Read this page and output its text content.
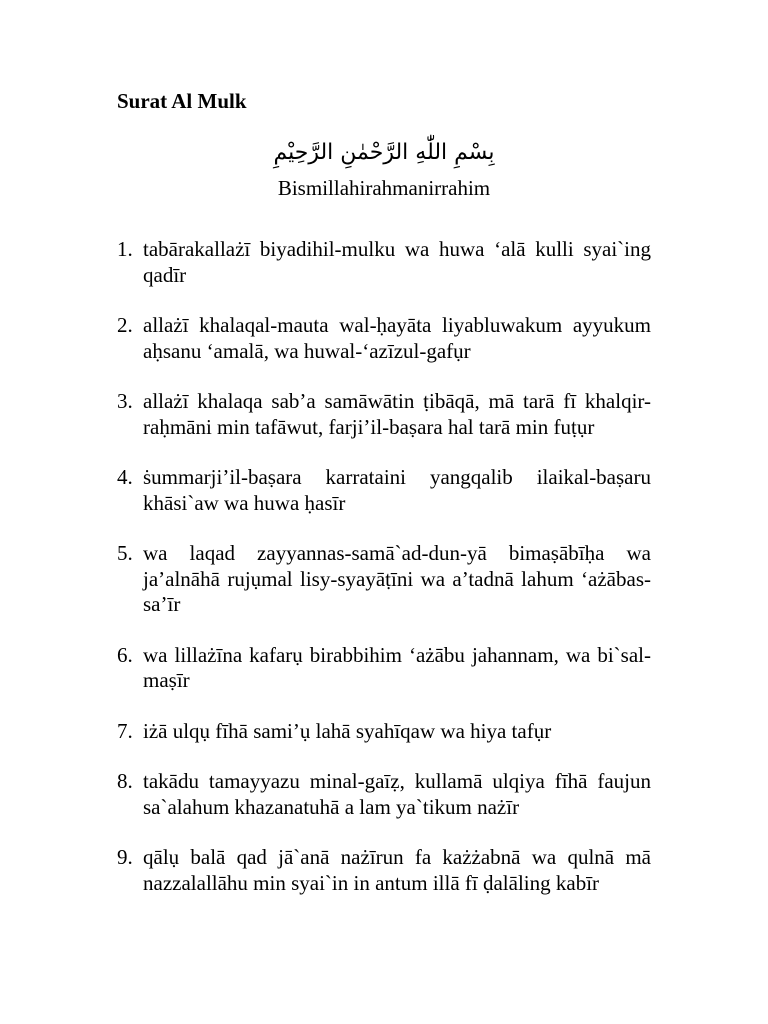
Surat Al Mulk
بِسْمِ اللّٰهِ الرَّحْمٰنِ الرَّحِيْمِ
Bismillahirahmanirrahim
1. tabārakallażī biyadihil-mulku wa huwa ‘alā kulli syai`ing qadīr
2. allażī khalaqal-mauta wal-ḥayāta liyabluwakum ayyukum aḥsanu ‘amalā, wa huwal-‘azīzul-gafụr
3. allażī khalaqa sab’a samāwātin ṭibāqā, mā tarā fī khalqir-raḥmāni min tafāwut, farji’il-baṣara hal tarā min fuṭụr
4. ṡummarji’il-baṣara karrataini yangqalib ilaikal-baṣaru khāsi`aw wa huwa ḥasīr
5. wa laqad zayyannas-samā`ad-dun-yā bimaṣābīḥa wa ja’alnāhā rujụmal lisy-syayāṭīni wa a’tadnā lahum ‘ażābas-sa’īr
6. wa lillażīna kafarụ birabbihim ‘ażābu jahannam, wa bi`sal-maṣīr
7. iżā ulqụ fīhā sami’ụ lahā syahīqaw wa hiya tafụr
8. takādu tamayyazu minal-gaīẓ, kullamā ulqiya fīhā faujun sa`alahum khazanatuhā a lam ya`tikum nażīr
9. qālụ balā qad jā`anā nażīrun fa każżabnā wa qulnā mā nazzalallāhu min syai`in in antum illā fī ḍalāling kabīr
